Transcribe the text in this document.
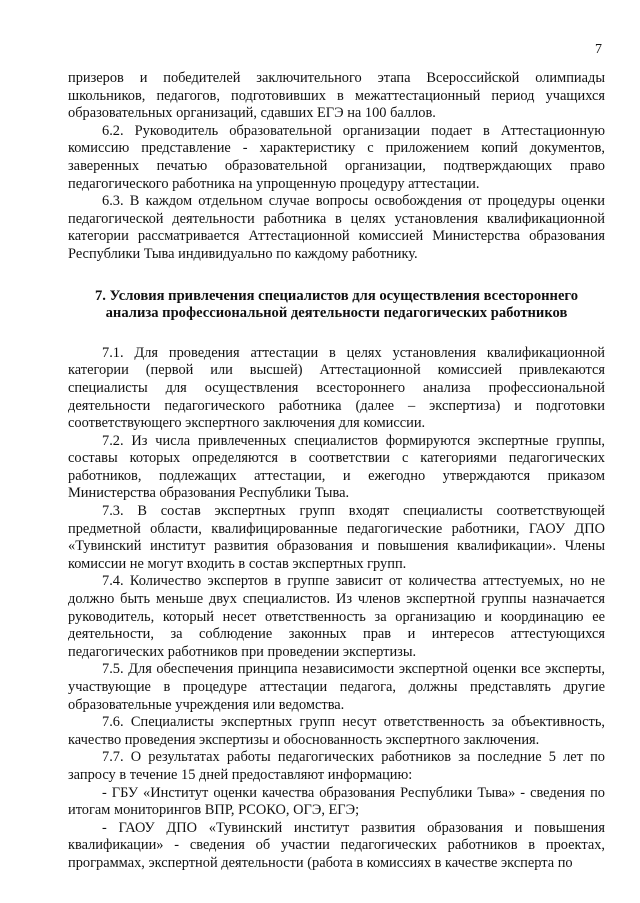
7

призеров и победителей заключительного этапа Всероссийской олимпиады школьников, педагогов, подготовивших в межаттестационный период учащихся образовательных организаций, сдавших ЕГЭ на 100 баллов.

6.2. Руководитель образовательной организации подает в Аттестационную комиссию представление - характеристику с приложением копий документов, заверенных печатью образовательной организации, подтверждающих право педагогического работника на упрощенную процедуру аттестации.

6.3. В каждом отдельном случае вопросы освобождения от процедуры оценки педагогической деятельности работника в целях установления квалификационной категории рассматривается Аттестационной комиссией Министерства образования Республики Тыва индивидуально по каждому работнику.

7. Условия привлечения специалистов для осуществления всестороннего анализа профессиональной деятельности педагогических работников

7.1. Для проведения аттестации в целях установления квалификационной категории (первой или высшей) Аттестационной комиссией привлекаются специалисты для осуществления всестороннего анализа профессиональной деятельности педагогического работника (далее – экспертиза) и подготовки соответствующего экспертного заключения для комиссии.

7.2. Из числа привлеченных специалистов формируются экспертные группы, составы которых определяются в соответствии с категориями педагогических работников, подлежащих аттестации, и ежегодно утверждаются приказом Министерства образования Республики Тыва.

7.3. В состав экспертных групп входят специалисты соответствующей предметной области, квалифицированные педагогические работники, ГАОУ ДПО «Тувинский институт развития образования и повышения квалификации». Члены комиссии не могут входить в состав экспертных групп.

7.4. Количество экспертов в группе зависит от количества аттестуемых, но не должно быть меньше двух специалистов. Из членов экспертной группы назначается руководитель, который несет ответственность за организацию и координацию ее деятельности, за соблюдение законных прав и интересов аттестующихся педагогических работников при проведении экспертизы.

7.5. Для обеспечения принципа независимости экспертной оценки все эксперты, участвующие в процедуре аттестации педагога, должны представлять другие образовательные учреждения или ведомства.

7.6. Специалисты экспертных групп несут ответственность за объективность, качество проведения экспертизы и обоснованность экспертного заключения.

7.7. О результатах работы педагогических работников за последние 5 лет по запросу в течение 15 дней предоставляют информацию:

- ГБУ «Институт оценки качества образования Республики Тыва» - сведения по итогам мониторингов ВПР, РСОКО, ОГЭ, ЕГЭ;

- ГАОУ ДПО «Тувинский институт развития образования и повышения квалификации» - сведения об участии педагогических работников в проектах, программах, экспертной деятельности (работа в комиссиях в качестве эксперта по
